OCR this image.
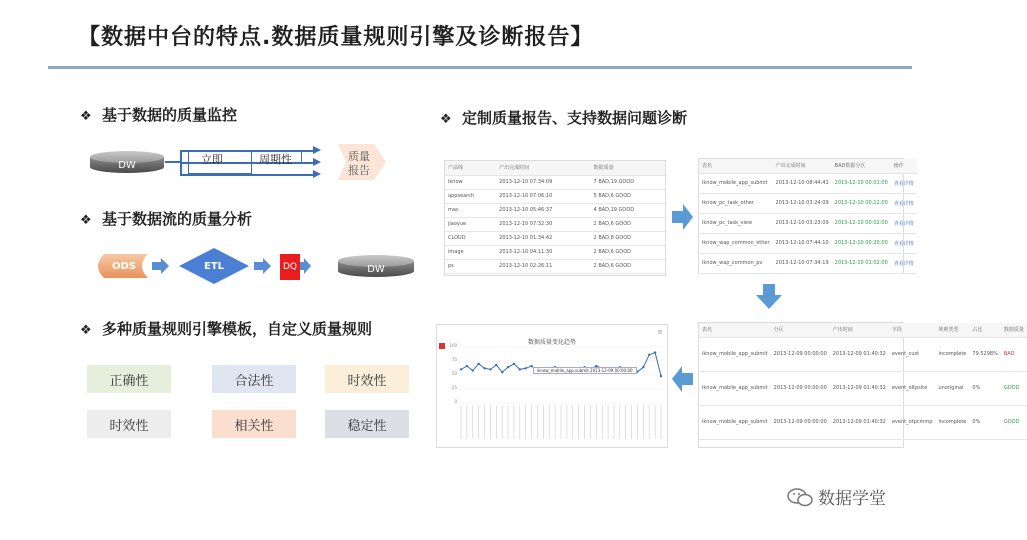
【数据中台的特点.数据质量规则引擎及诊断报告】
❖ 基于数据的质量监控
DW	立即	周期性	质量报告
❖ 基于数据流的质量分析
ODS	ETL	DQ	DW
❖ 多种质量规则引擎模板，自定义质量规则
正确性	合法性	时效性
时效性	相关性	稳定性
❖ 定制质量报告、支持数据问题诊断
产品线	产出完成时间	数据质量
iknow	2013-12-10 07:34:09	7 BAD,19 GOOD
appsearch	2013-12-10 07:06:10	5 BAD,6 GOOD
mac	2013-12-10 05:46:37	4 BAD,19 GOOD
jiaoyue	2013-12-10 07:32:30	2 BAD,6 GOOD
CLOUD	2013-12-10 01:34:42	2 BAD,8 GOOD
image	2013-12-10 04:11:30	2 BAD,6 GOOD
ps	2013-12-10 02:26:11	2 BAD,6 GOOD
表名	产出完成时间	BAD数据分区	操作
iknow_mobile_app_submit	2013-12-10 08:44:41	2013-12-10 00:01:00	查看详情
iknow_pc_task_other	2013-12-10 03:24:09	2013-12-10 00:12:00	查看详情
iknow_pc_task_view	2013-12-10 03:23:09	2013-12-10 00:02:00	查看详情
iknow_wap_common_other	2013-12-10 07:44:10	2013-12-10 00:20:00	查看详情
iknow_wap_common_pv	2013-12-10 07:34:19	2013-12-10 01:02:00	查看详情
表名	分区	产出时间	字段	规则类型	占比	数据质量
iknow_mobile_app_submit	2013-12-09 00:00:00	2013-12-09 01:40:32	event_cust	incomplete	79.5298%	BAD
iknow_mobile_app_submit	2013-12-09 00:00:00	2013-12-09 01:40:32	event_oltpsite	unoriginal	0%	GOOD
iknow_mobile_app_submit	2013-12-09 00:00:00	2013-12-09 01:40:32	event_otpcmmp	incomplete	0%	GOOD
数据质量变化趋势
≡
100
75
50
25
0
iknow_mobile_app.submit.2013-12-09 00:00:00
数据学堂
